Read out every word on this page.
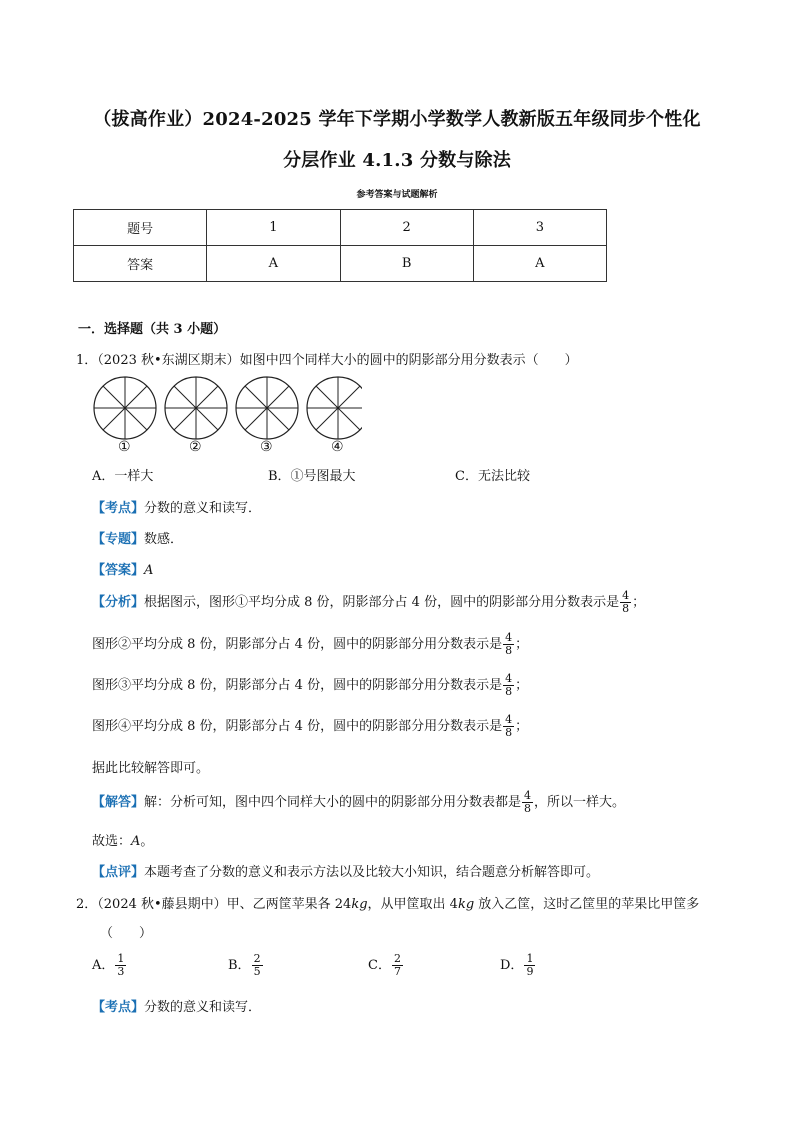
（拔高作业）2024-2025 学年下学期小学数学人教新版五年级同步个性化
分层作业 4.1.3 分数与除法
参考答案与试题解析
题号	1	2	3
答案	A	B	A
一．选择题（共 3 小题）
1．（2023 秋•东湖区期末）如图中四个同样大小的圆中的阴影部分用分数表示（　　）
①	②	③	④
A．一样大	B．①号图最大	C．无法比较
【考点】分数的意义和读写．
【专题】数感．
【答案】A
【分析】根据图示，图形①平均分成 8 份，阴影部分占 4 份，圆中的阴影部分用分数表示是 $\frac{4}{8}$ ；
图形②平均分成 8 份，阴影部分占 4 份，圆中的阴影部分用分数表示是 $\frac{4}{8}$ ；
图形③平均分成 8 份，阴影部分占 4 份，圆中的阴影部分用分数表示是 $\frac{4}{8}$ ；
图形④平均分成 8 份，阴影部分占 4 份，圆中的阴影部分用分数表示是 $\frac{4}{8}$ ；
据此比较解答即可。
【解答】解：分析可知，图中四个同样大小的圆中的阴影部分用分数表都是 $\frac{4}{8}$ ，所以一样大。
故选：A。
【点评】本题考查了分数的意义和表示方法以及比较大小知识，结合题意分析解答即可。
2．（2024 秋•藤县期中）甲、乙两筐苹果各 24kg，从甲筐取出 4kg 放入乙筐，这时乙筐里的苹果比甲筐多
（　　）
A． $\frac{1}{3}$	B． $\frac{2}{5}$	C． $\frac{2}{7}$	D． $\frac{1}{9}$
【考点】分数的意义和读写．
